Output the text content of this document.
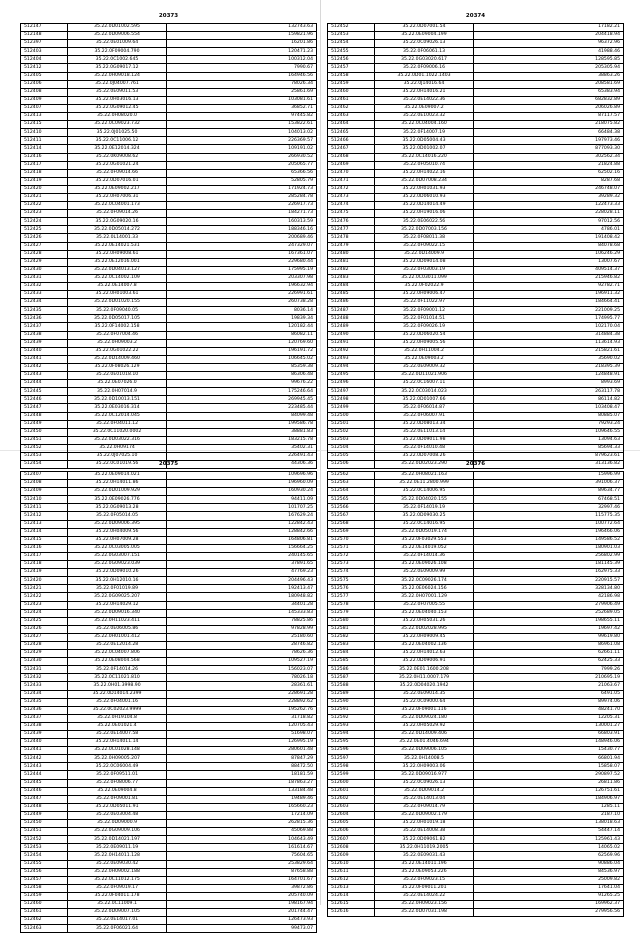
20373
512147	35.22.0D01002.595	132743.63
512148	35.22.0D09006.554	159821.96
512397	35.22.0E01009.64	16201.86
512403	35.22.0F09004.790	120471.23
512404	35.22.0C1002.645	100312.04
512412	35.22.0G09017.12	7990.67
512405	35.22.0H09018.124	164946.56
512406	35.22.0J04007.761	78026.34
512408	35.22.0E09011.53	25861.69
512409	35.22.0H03016.13	103081.61
512407	35.22.0G09012.45	36852.71
512413	35.22.0H08020.0	97445.82
512415	35.22.0C09023.732	153822.61
512410	35.22.0J01025.50	104013.02
512411	35.22.0C11006.12	226369.57
512414	35.22.0E12014.324	109191.02
512416	35.22.0K09008.62	266930.52
512417	35.22.0G01021.24	205065.77
512418	35.22.0F09014.66	65366.56
512419	35.22.0D07016.01	52805.79
512420	35.22.0E09002.217	171924.73
512421	35.22.0H07006.31	285284.78
512422	35.22.0C04001.173	226917.73
512423	35.22.0F09014.26	184271.73
512424	35.22.0G09020.16	160313.59
512425	35.22.0D05014.272	188346.16
512426	35.22.0L14001.33	200689.46
512427	35.22.0E14021.531	247329.07
512428	35.22.0H09008.61	167361.07
512429	35.22.0E12016.001	229680.44
512430	35.22.0D04013.127	175995.19
512431	35.22.0C14002.109	203307.98
512432	35.22.0E14007.8	196632.94
512433	35.22.0H01003.61	226991.61
512434	35.22.0D01020.155	260738.28
512435	35.22.0F09040.05	8036.14
512436	35.22.0D05017.105	19839.34
512437	35.22.0F14002.158	120182.44
512438	35.22.0F07004.46	86082.11
512439	35.22.0H09003.2	120769.60
512440	35.22.0G01022.22	196191.72
512441	35.22.0D14009.460	106645.02
512442	35.22.0F08026.129	85359.38
512443	35.22.0E01018.10	86306.48
512444	35.22.0E07026.0	99676.22
512445	35.22.0H07014.9	175246.64
512446	35.22.0D10013.151	269945.45
512447	35.22.0E03016.314	223485.44
512448	35.22.0C12014.045	84099.48
512449	35.22.0F04011.12	199586.78
512450	35.22.0C11020.0002	38881.83
512451	35.22.0D03022.316	183215.78
512452	35.22.0H09174	35402.31
512453	35.22.0J07025.10	226491.43
512454	35.22.0C01019.56	44306.36
20374
512452	35.22.0D07001.54	17182.21
512453	35.22.0E09004.199	204418.94
512454	35.22.0C09026.13	96372.96
512455	35.22.0F06061.13	41988.46
512456	35.22.0G03020.617	128595.85
512457	35.22.0F09006.16	205305.94
512458	35.22.0D01.1022.1403	38863.26
512459	35.22.0J14016.64	208581.69
512460	35.22.0H14016.21	65383.94
512461	35.22.0E14022.36	682832.89
512462	35.22.0E09007.2	206026.89
512463	35.22.0E10023.32	87117.57
512464	35.22.0C04004.160	218075.82
512465	35.22.0F14007.19	66484.38
512466	35.22.0D05004.43	197973.46
512467	35.22.0D01002.07	877093.30
512468	35.22.0C14016.220	302562.34
512469	35.22.0F05010.74	21824.88
512470	35.22.0H14022.16	62502.16
512471	35.22.0D07008.234	8287.68
512472	35.22.0H01031.93	246748.07
512473	35.22.0D06010.93	39289.32
512474	35.22.0D14014.49	122473.33
512475	35.22.0H19016.06	228028.11
512476	35.22.0E06022.56	97012.56
512477	35.22.0D07003.156	4786.01
512478	35.22.0F08011.38	191408.42
512479	35.22.0F09022.15	84078.68
512480	35.22.0D14009.9	106246.29
512481	35.22.0D09014.08	13007.67
512482	35.22.0F03003.19	409514.37
512483	35.22.0C03011.099	215946.82
512484	35.22.0F02022.9	92782.71
512485	35.22.0H09006.47	196911.32
512486	35.22.0F11022.97	184664.41
512487	35.22.0F09001.12	221009.25
512488	35.22.0F01014.51	174995.77
512489	35.22.0F09026.19	102170.04
512490	35.22.0D06020.54	314884.38
512491	35.22.0H09005.56	113614.93
512492	35.22.0H11004.2	215821.61
512493	35.22.0E09003.2	35690.02
512494	35.22.0E09009.32	218395.39
512495	35.22.0D11021.906	124848.91
512496	35.22.0C16007.11	8993.69
512497	35.22.0C03014.023	263117.78
512498	35.22.0D01007.66	86114.82
512499	35.22.0F06014.87	103408.47
512500	35.22.0F06007.91	80885.07
512501	35.22.0D08013.34	79293.24
512502	35.22.0E11013.14	109646.55
512503	35.22.0D09011.98	13094.63
512504	35.22.0F14010.48	85694.33
512505	35.22.0D07008.26	879623.61
512506	35.22.0D02023.290	313136.82
20375
512407	35.22.0E09014.021	109696.96
512408	35.22.0H14011.86	196960.09
512409	35.22.0D01009.929	160930.24
512410	35.22.0E09026.776	94411.09
512411	35.22.0G09013.28	101707.25
512412	35.22.0F05014.05	167629.24
512413	35.22.0D09006.395	122842.43
512414	35.22.0H04009.56	128842.66
512415	35.22.0H07009.28	164806.81
512416	35.22.0C03005.005	156664.25
512417	35.22.0G03007.151	240145.65
512418	35.22.0G09023.039	37891.65
512419	35.22.0D09010.26	47769.23
512420	35.22.0H12010.16	204496.43
512421	35.22.0F01019.89	192413.47
512422	35.22.0G09025.207	180948.82
512423	35.22.0H14029.12	34401.28
512424	35.22.0D09016.340	145333.83
512425	35.22.0H11023.411	78825.86
512426	35.22.0E06005.86	97828.99
512427	35.22.0H01001.412	25180.60
512428	35.22.0E12014.28	28746.82
512429	35.22.0C04007.806	78626.36
512430	35.22.0E08004.568	109527.19
512431	35.22.0F14014.26	156023.07
512432	35.22.0C11021.810	78026.18
512433	35.22.0H01.3998.90	28361.61
512434	35.22.0D14014.2399	228691.28
512435	35.22.0F04001.16	228892.62
512436	35.22.0C02023.9999	195262.76
512437	35.22.0H19104.8	31718.82
512438	35.22.0E01021.4	120705.43
512439	35.22.0E14007.58	51698.07
512440	35.22.0H14011.14	126995.19
512441	35.22.0C01028.148	280601.48
512442	35.22.0H09005.207	87847.29
512443	35.22.0C06004.49	88472.50
512444	35.22.0F09511.01	18181.59
512445	35.22.0F08006.77	187863.27
512446	35.22.0E09004.8	133184.48
512447	35.22.0F09001.81	19489.46
512448	35.22.0D05011.91	165660.23
512449	35.22.0E03004.48	17214.09
512450	35.22.0D09000.9	262815.36
512451	35.22.0G09009.106	45069.88
512452	35.22.0D14021.197	104643.49
512453	35.22.0E09011.19	161614.67
512454	35.22.0H14011.128	75604.65
512455	35.22.0E09030.42	253829.64
512456	35.22.0H09002.188	87658.88
512457	35.22.0C11012.175	164701.67
512458	35.22.0F09019.17	39872.86
512459	35.22.0F04011.178	205740.09
512460	35.22.0C11009.1	198167.94
512461	35.22.0D09007.105	201744.47
512462	35.22.0E14017.01	126473.93
512463	35.22.0F06021.64	99473.07
20376
512562	35.22.0H08021.163	15996.99
512563	35.22.0E11.2800.999	391006.37
512564	35.22.0C14006.95	89634.77
512565	35.22.0D04020.155	67468.51
512566	35.22.0F14019.19	32997.46
512567	35.22.0D09030.25	115775.35
512568	35.22.0C14016.95	100772.64
512569	35.22.0D05019.174	196466.06
512570	35.22.0F03029.553	149586.52
512571	35.22.0E14019.052	180901.03
512572	35.22.0F14014.36	256802.99
512573	35.22.0E09026.108	181145.39
512574	35.22.0E09009.99	162975.33
512575	35.22.0C09026.174	220915.57
512576	35.22.0E06024.156	328134.80
512577	35.22.0H07001.129	42186.98
512578	35.22.0F07005.55	279906.49
512579	35.22.0E04040.153	252689.05
512580	35.22.0H05031.26	198655.11
512581	35.22.0D02028.995	19697.42
512582	35.22.0H09009.45	99619.80
512583	35.22.0E04002.136	86961.08
512584	35.22.0H14012.63	62661.11
512585	35.22.0D09006.91	62425.33
512586	35.22.0E01.1600.208	7999.26
512587	35.22.0H11.0007.179	210695.19
512588	35.22.0D04020.1942	21063.67
512589	35.22.0E09014.35	6491.05
512590	35.22.0C09000.64	89974.06
512591	35.22.0F09001.116	48241.70
512592	35.22.0D09024.180	12205.31
512593	35.22.0H05029.92	130001.27
512594	35.22.0D14009.406	66803.91
512595	35.22.0E01.4046.694	148946.06
512596	35.22.0D09006.105	15430.77
512597	35.22.0H14008.5	66801.94
512598	35.22.0H09003.06	15858.07
512599	35.22.0D09016.977	290897.52
512600	35.22.0C09026.13	26811.86
512601	35.22.0D09014.2	126751.61
512602	35.22.0E14013.04	184906.97
512603	35.22.0F09014.79	1285.11
512604	35.22.0D09002.179	2187.10
512605	35.22.0H01019.18	138018.63
512606	35.22.0E14008.38	54447.14
512607	35.22.0D09061.82	125961.43
512608	35.22.0H11019.2005	14065.02
512609	35.22.0E09031.43	62569.96
512610	35.22.0E14011.196	90886.04
512611	35.22.0E09053.226	84536.97
512612	35.22.0F09023.15	25009.82
512613	35.22.0F09011.201	17641.04
512614	35.22.0E14024.22	91265.25
512615	35.22.0H09023.156	169962.37
512616	35.22.0D07031.198	279956.56
